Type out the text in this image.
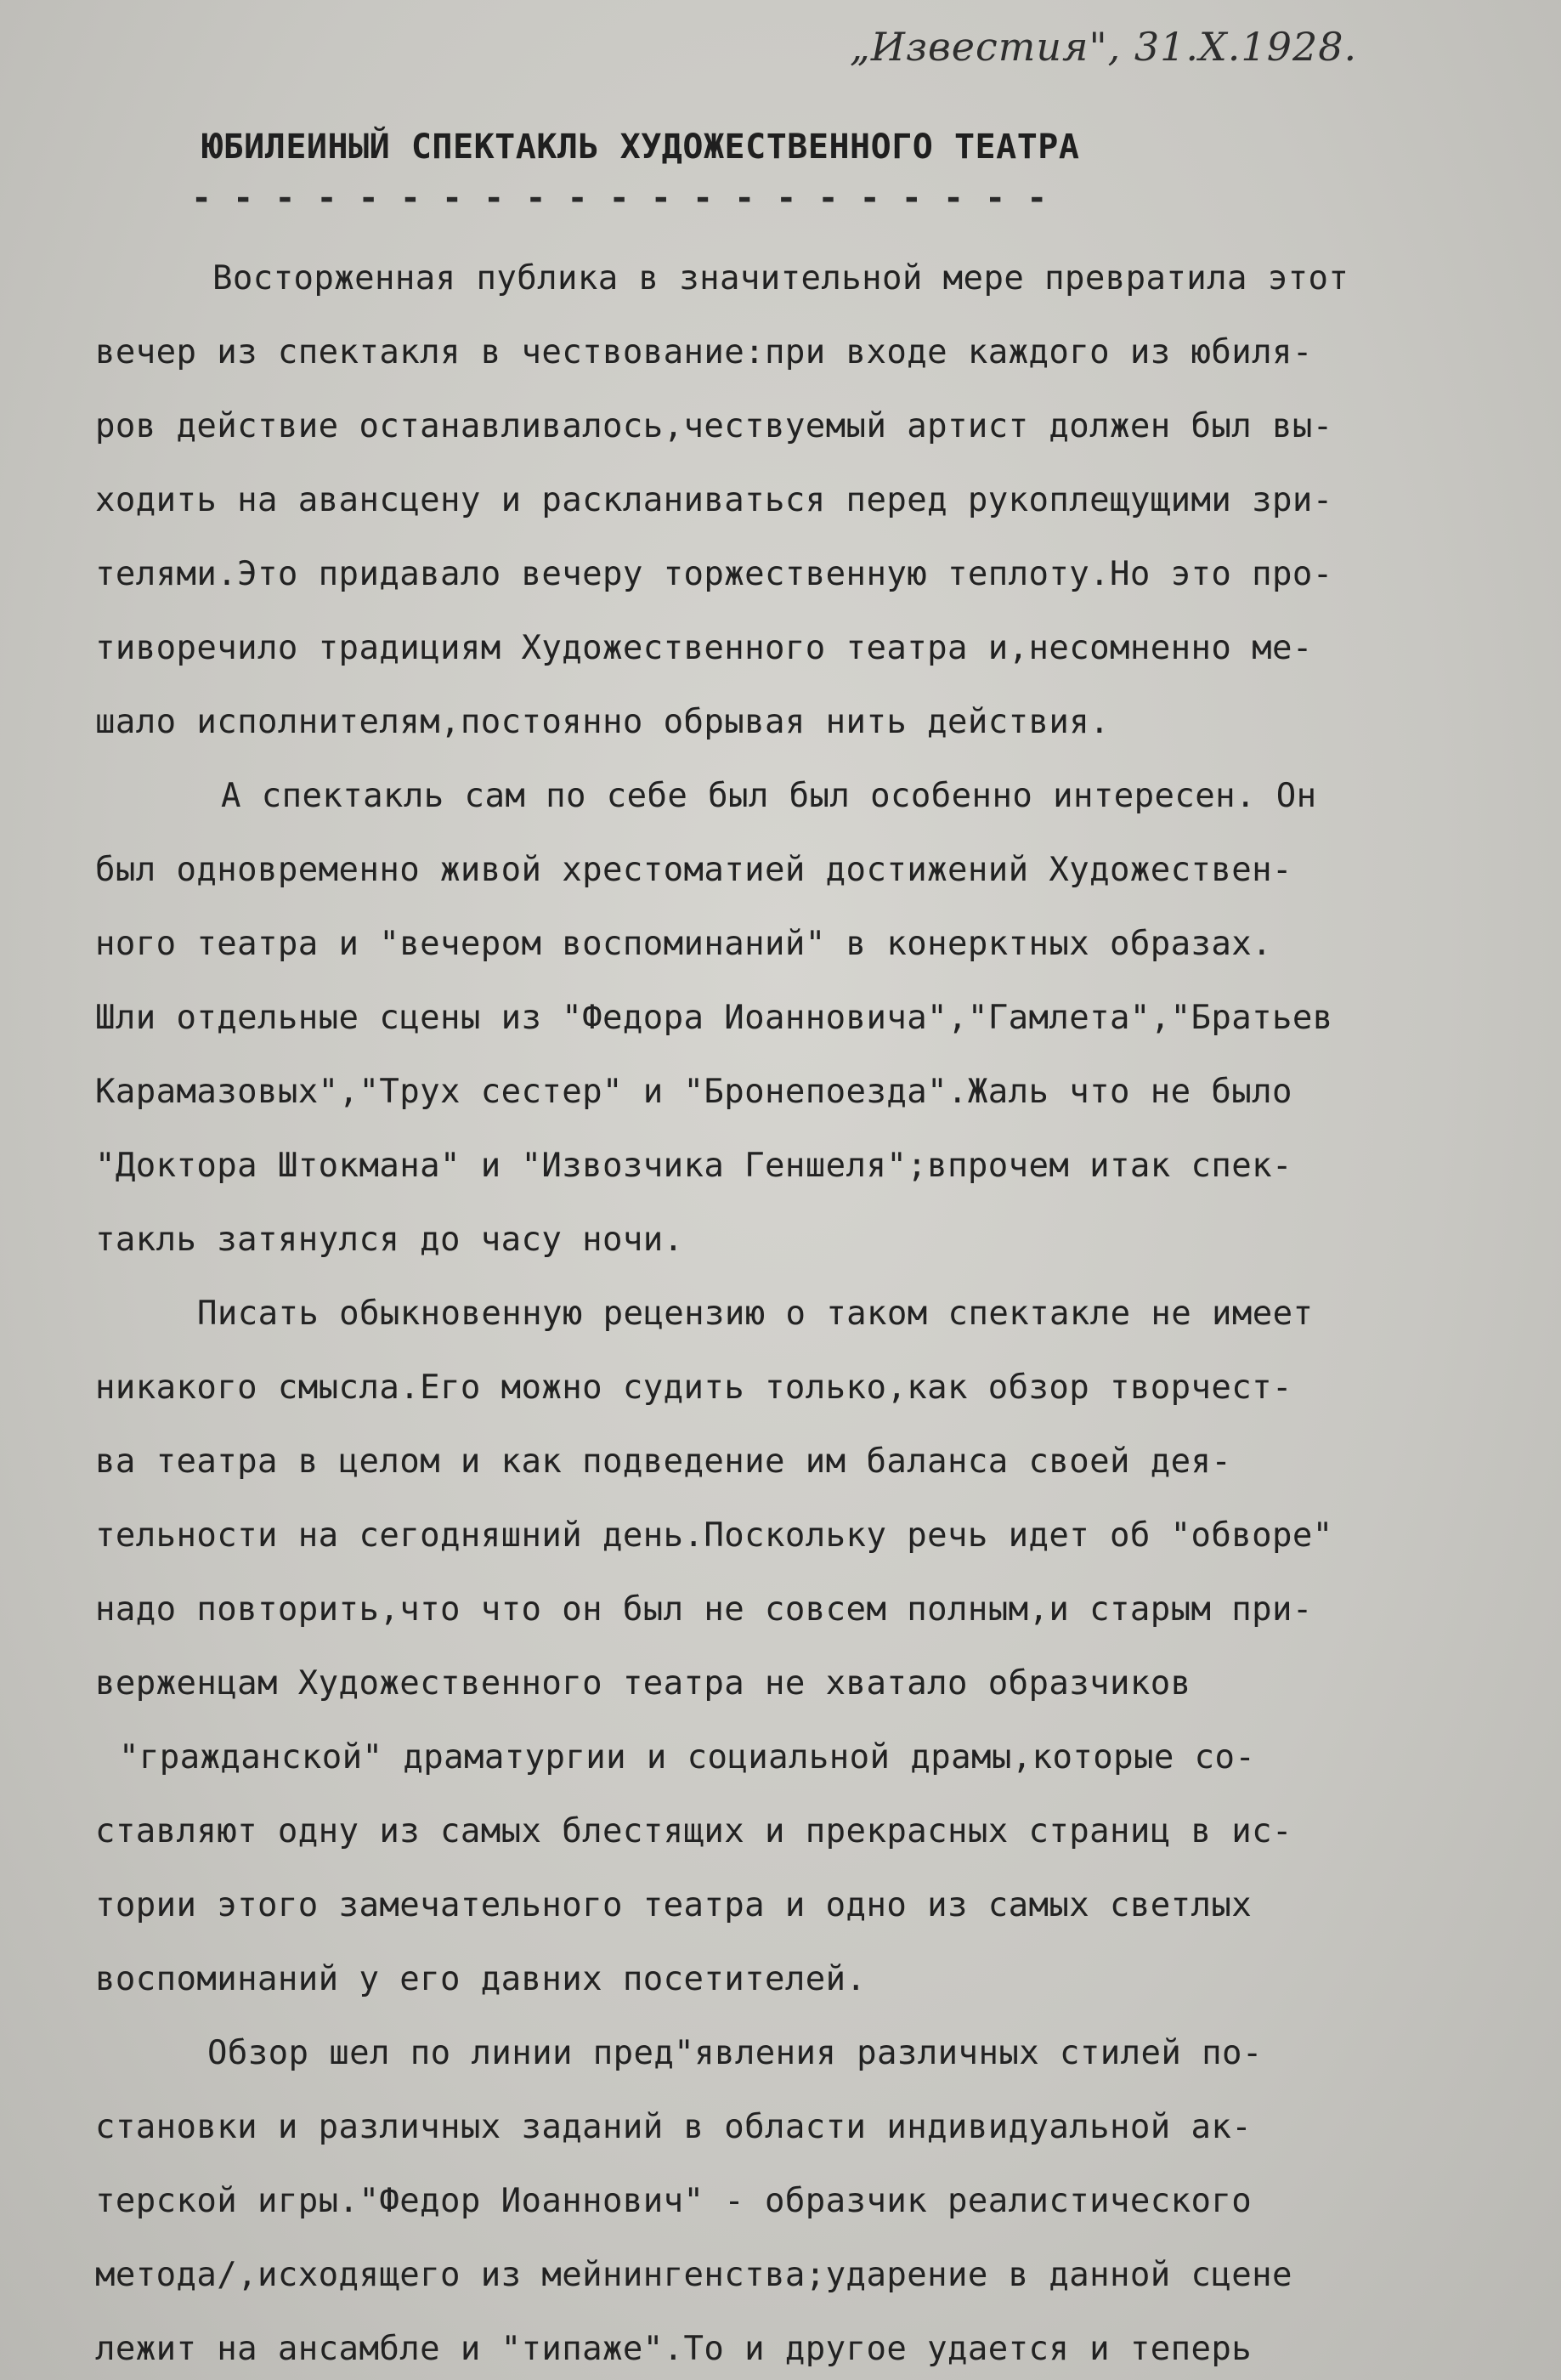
„Известия", 31.X.1928.
ЮБИЛЕИНЫЙ СПЕКТАКЛЬ ХУДОЖЕСТВЕННОГО ТЕАТРА
- - - - - - - - - - - - - - - - - - - - -
Восторженная публика в значительной мере превратила этот
вечер из спектакля в чествование:при входе каждого из юбиля-
ров действие останавливалось,чествуемый артист должен был вы-
ходить на авансцену и раскланиваться перед рукоплещущими зри-
телями.Это придавало вечеру торжественную теплоту.Но это про-
тиворечило традициям Художественного театра и,несомненно ме-
шало исполнителям,постоянно обрывая нить действия.
А спектакль сам по себе был был особенно интересен. Он
был одновременно живой хрестоматией достижений Художествен-
ного театра и "вечером воспоминаний" в конерктных образах.
Шли отдельные сцены из "Федора Иоанновича","Гамлета","Братьев
Карамазовых","Трух сестер" и "Бронепоезда".Жаль что не было
"Доктора Штокмана" и "Извозчика Геншеля";впрочем итак спек-
такль затянулся до часу ночи.
Писать обыкновенную рецензию о таком спектакле не имеет
никакого смысла.Его можно судить только,как обзор творчест-
ва театра в целом и как подведение им баланса своей дея-
тельности на сегодняшний день.Поскольку речь идет об "обворе"
надо повторить,что что он был не совсем полным,и старым при-
верженцам Художественного театра не хватало образчиков
"гражданской" драматургии и социальной драмы,которые со-
ставляют одну из самых блестящих и прекрасных страниц в ис-
тории этого замечательного театра и одно из самых светлых
воспоминаний у его давних посетителей.
Обзор шел по линии пред"явления различных стилей по-
становки и различных заданий в области индивидуальной ак-
терской игры."Федор Иоаннович" - образчик реалистического
метода/,исходящего из мейнингенства;ударение в данной сцене
лежит на ансамбле и "типаже".То и другое удается и теперь
